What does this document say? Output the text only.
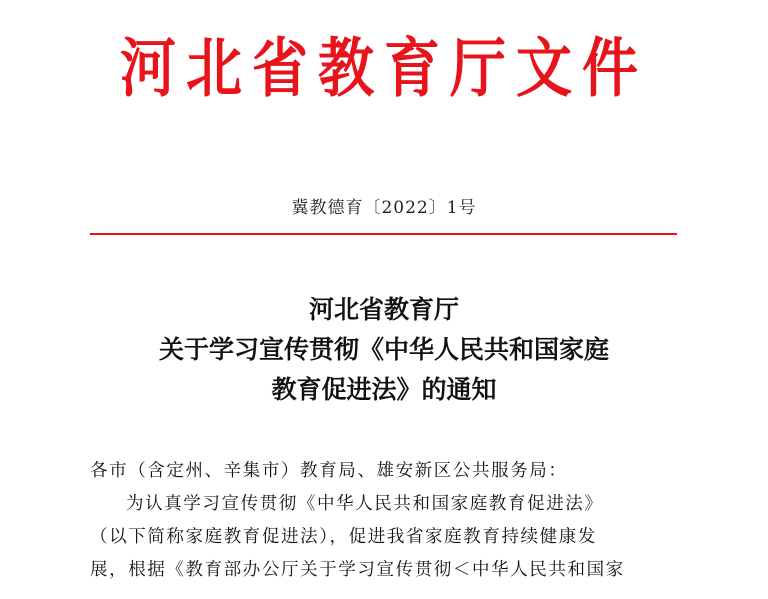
河北省教育厅文件
冀教德育〔2022〕1号
河北省教育厅
关于学习宣传贯彻《中华人民共和国家庭
教育促进法》的通知
各市（含定州、辛集市）教育局、雄安新区公共服务局：
为认真学习宣传贯彻《中华人民共和国家庭教育促进法》
（以下简称家庭教育促进法），促进我省家庭教育持续健康发
展，根据《教育部办公厅关于学习宣传贯彻＜中华人民共和国家
